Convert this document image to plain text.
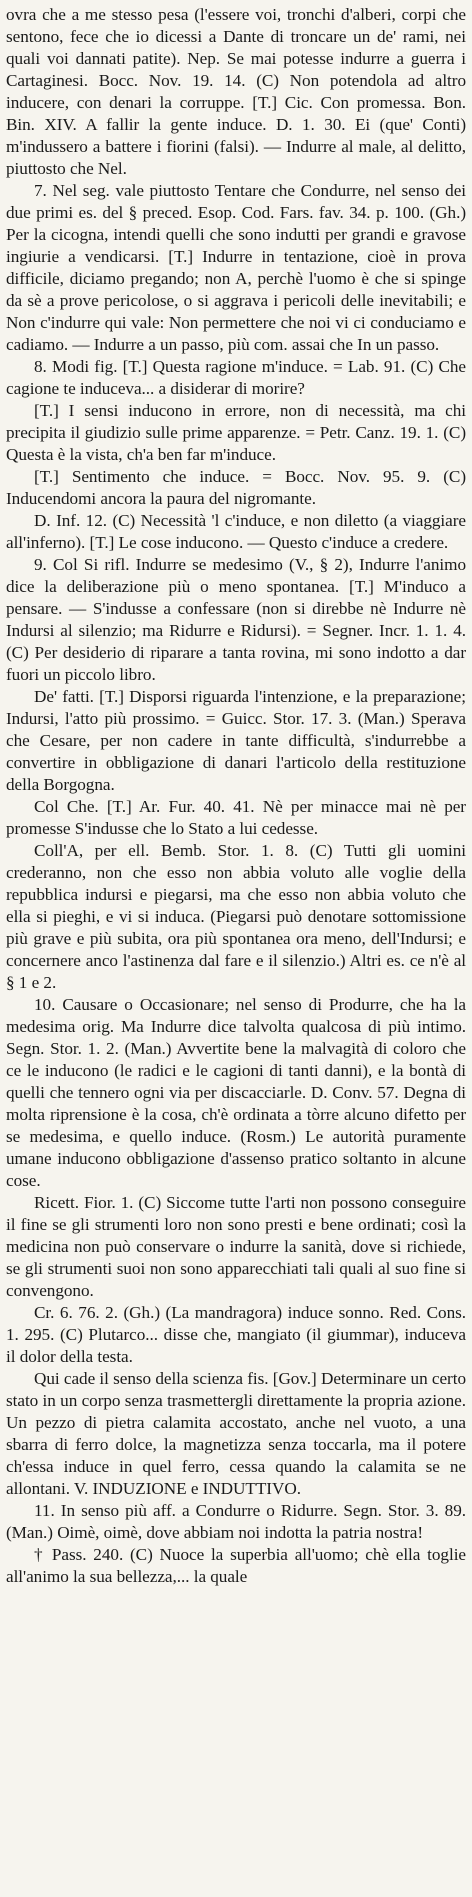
ovra che a me stesso pesa (l'essere voi, tronchi d'alberi, corpi che sentono, fece che io dicessi a Dante di troncare un de' rami, nei quali voi dannati patite). Nep. Se mai potesse indurre a guerra i Cartaginesi. Bocc. Nov. 19. 14. (C) Non potendola ad altro inducere, con denari la corruppe. [T.] Cic. Con promessa. Bon. Bin. XIV. A fallir la gente induce. D. 1. 30. Ei (que' Conti) m'indussero a battere i fiorini (falsi). — Indurre al male, al delitto, piuttosto che Nel.

7. Nel seg. vale piuttosto Tentare che Condurre, nel senso dei due primi es. del § preced. Esop. Cod. Fars. fav. 34. p. 100. (Gh.) Per la cicogna, intendi quelli che sono indutti per grandi e gravose ingiurie a vendicarsi. [T.] Indurre in tentazione, cioè in prova difficile, diciamo pregando; non A, perchè l'uomo è che si spinge da sè a prove pericolose, o si aggrava i pericoli delle inevitabili; e Non c'indurre qui vale: Non permettere che noi vi ci conduciamo e cadiamo. — Indurre a un passo, più com. assai che In un passo.

8. Modi fig. [T.] Questa ragione m'induce. = Lab. 91. (C) Che cagione te induceva... a disiderar di morire?

[T.] I sensi inducono in errore, non di necessità, ma chi precipita il giudizio sulle prime apparenze. = Petr. Canz. 19. 1. (C) Questa è la vista, ch'a ben far m'induce.

[T.] Sentimento che induce. = Bocc. Nov. 95. 9. (C) Inducendomi ancora la paura del nigromante.

D. Inf. 12. (C) Necessità 'l c'induce, e non diletto (a viaggiare all'inferno). [T.] Le cose inducono. — Questo c'induce a credere.

9. Col Si rifl. Indurre se medesimo (V., § 2), Indurre l'animo dice la deliberazione più o meno spontanea. [T.] M'induco a pensare. — S'indusse a confessare (non si direbbe nè Indurre nè Indursi al silenzio; ma Ridurre e Ridursi). = Segner. Incr. 1. 1. 4. (C) Per desiderio di riparare a tanta rovina, mi sono indotto a dar fuori un piccolo libro.

De' fatti. [T.] Disporsi riguarda l'intenzione, e la preparazione; Indursi, l'atto più prossimo. = Guicc. Stor. 17. 3. (Man.) Sperava che Cesare, per non cadere in tante difficultà, s'indurrebbe a convertire in obbligazione di danari l'articolo della restituzione della Borgogna.

Col Che. [T.] Ar. Fur. 40. 41. Nè per minacce mai nè per promesse S'indusse che lo Stato a lui cedesse.

Coll'A, per ell. Bemb. Stor. 1. 8. (C) Tutti gli uomini crederanno, non che esso non abbia voluto alle voglie della repubblica indursi e piegarsi, ma che esso non abbia voluto che ella si pieghi, e vi si induca. (Piegarsi può denotare sottomissione più grave e più subita, ora più spontanea ora meno, dell'Indursi; e concernere anco l'astinenza dal fare e il silenzio.) Altri es. ce n'è al § 1 e 2.

10. Causare o Occasionare; nel senso di Produrre, che ha la medesima orig. Ma Indurre dice talvolta qualcosa di più intimo. Segn. Stor. 1. 2. (Man.) Avvertite bene la malvagità di coloro che ce le inducono (le radici e le cagioni di tanti danni), e la bontà di quelli che tennero ogni via per discacciarle. D. Conv. 57. Degna di molta riprensione è la cosa, ch'è ordinata a tòrre alcuno difetto per se medesima, e quello induce. (Rosm.) Le autorità puramente umane inducono obbligazione d'assenso pratico soltanto in alcune cose.

Ricett. Fior. 1. (C) Siccome tutte l'arti non possono conseguire il fine se gli strumenti loro non sono presti e bene ordinati; così la medicina non può conservare o indurre la sanità, dove si richiede, se gli strumenti suoi non sono apparecchiati tali quali al suo fine si convengono.

Cr. 6. 76. 2. (Gh.) (La mandragora) induce sonno. Red. Cons. 1. 295. (C) Plutarco... disse che, mangiato (il giummar), induceva il dolor della testa.

Qui cade il senso della scienza fis. [Gov.] Determinare un certo stato in un corpo senza trasmettergli direttamente la propria azione. Un pezzo di pietra calamita accostato, anche nel vuoto, a una sbarra di ferro dolce, la magnetizza senza toccarla, ma il potere ch'essa induce in quel ferro, cessa quando la calamita se ne allontani. V. INDUZIONE e INDUTTIVO.

11. In senso più aff. a Condurre o Ridurre. Segn. Stor. 3. 89. (Man.) Oimè, oimè, dove abbiam noi indotta la patria nostra!

† Pass. 240. (C) Nuoce la superbia all'uomo; chè ella toglie all'animo la sua bellezza,... la quale
